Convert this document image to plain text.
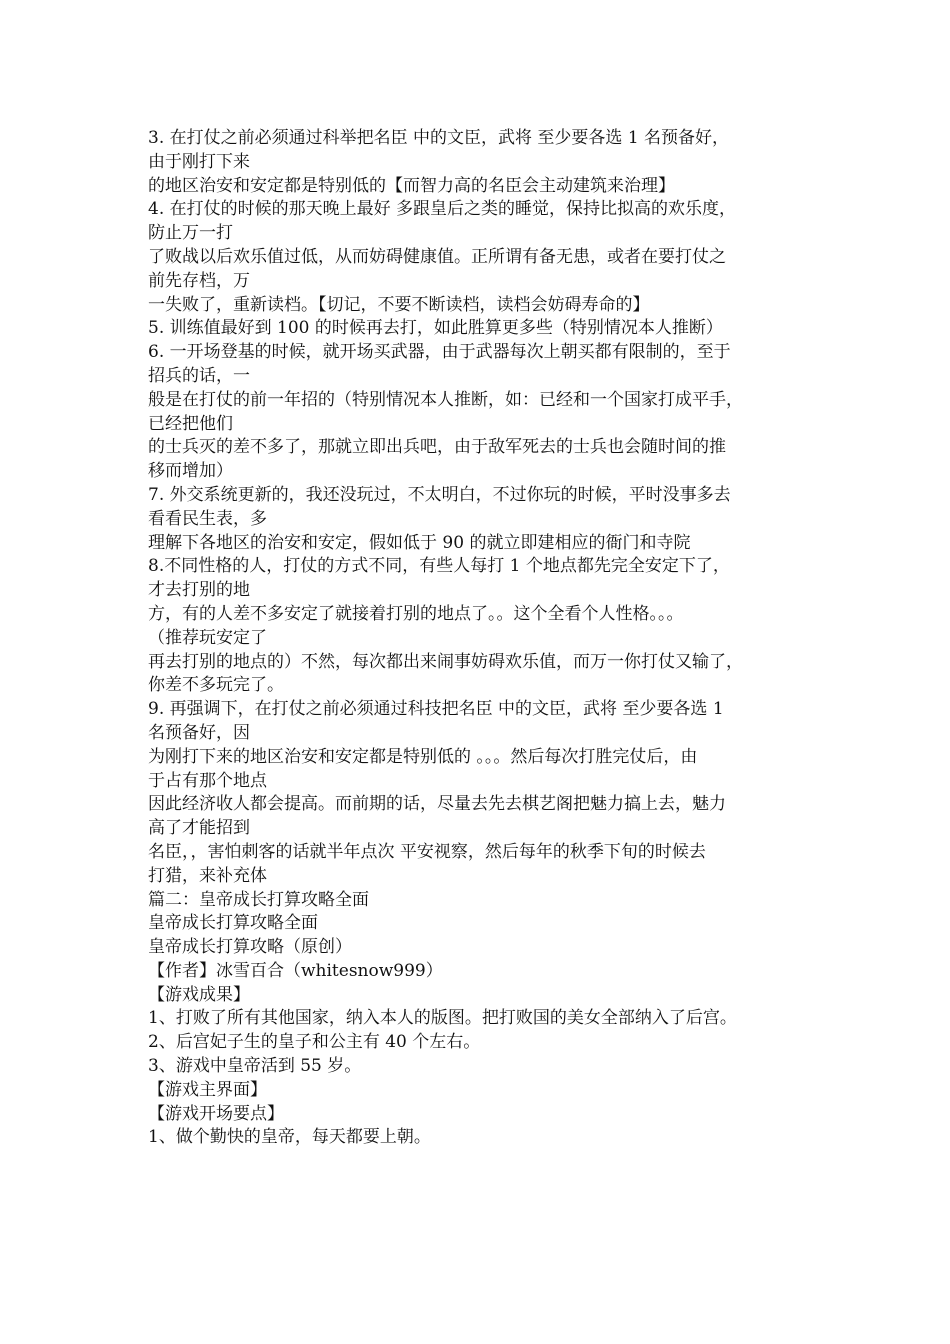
3. 在打仗之前必须通过科举把名臣 中的文臣，武将 至少要各选 1 名预备好，
由于刚打下来
的地区治安和安定都是特别低的【而智力高的名臣会主动建筑来治理】
4. 在打仗的时候的那天晚上最好 多跟皇后之类的睡觉，保持比拟高的欢乐度，
防止万一打
了败战以后欢乐值过低，从而妨碍健康值。正所谓有备无患，或者在要打仗之
前先存档，万
一失败了，重新读档。【切记，不要不断读档，读档会妨碍寿命的】
5. 训练值最好到 100 的时候再去打，如此胜算更多些（特别情况本人推断）
6. 一开场登基的时候，就开场买武器，由于武器每次上朝买都有限制的，至于
招兵的话，一
般是在打仗的前一年招的（特别情况本人推断，如：已经和一个国家打成平手，
已经把他们
的士兵灭的差不多了，那就立即出兵吧，由于敌军死去的士兵也会随时间的推
移而增加）
7. 外交系统更新的，我还没玩过，不太明白，不过你玩的时候，平时没事多去
看看民生表，多
理解下各地区的治安和安定，假如低于 90 的就立即建相应的衙门和寺院
8.不同性格的人，打仗的方式不同，有些人每打 1 个地点都先完全安定下了，
才去打别的地
方，有的人差不多安定了就接着打别的地点了。。这个全看个人性格。。。
（推荐玩安定了
再去打别的地点的）不然，每次都出来闹事妨碍欢乐值，而万一你打仗又输了，
你差不多玩完了。
9. 再强调下，在打仗之前必须通过科技把名臣 中的文臣，武将 至少要各选 1
名预备好，因
为刚打下来的地区治安和安定都是特别低的 。。。然后每次打胜完仗后，由
于占有那个地点
因此经济收人都会提高。而前期的话，尽量去先去棋艺阁把魅力搞上去，魅力
高了才能招到
名臣，，害怕刺客的话就半年点次 平安视察，然后每年的秋季下旬的时候去
打猎，来补充体
篇二：皇帝成长打算攻略全面
皇帝成长打算攻略全面
皇帝成长打算攻略（原创）
【作者】冰雪百合（whitesnow999）
【游戏成果】
1、打败了所有其他国家，纳入本人的版图。把打败国的美女全部纳入了后宫。
2、后宫妃子生的皇子和公主有 40 个左右。
3、游戏中皇帝活到 55 岁。
【游戏主界面】
【游戏开场要点】
1、做个勤快的皇帝，每天都要上朝。
